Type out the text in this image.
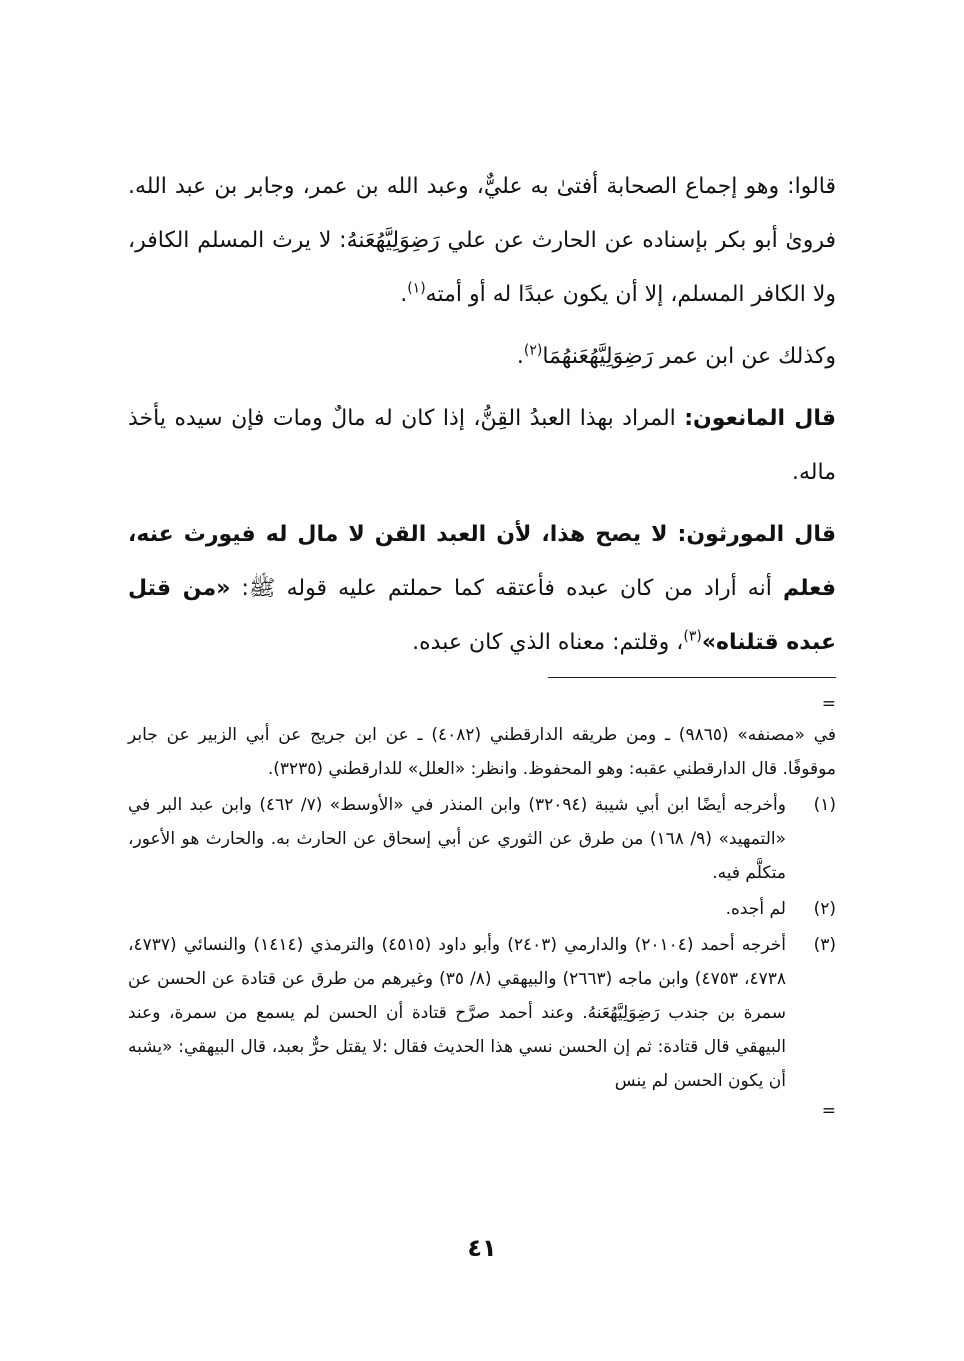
قالوا: وهو إجماع الصحابة أفتىٰ به عليٌّ، وعبد الله بن عمر، وجابر بن عبد الله. فروىٰ أبو بكر بإسناده عن الحارث عن علي رَضِوَلِيَّهُعَنهُ: لا يرث المسلم الكافر، ولا الكافر المسلم، إلا أن يكون عبدًا له أو أمته$^{(١)}$.

وكذلك عن ابن عمر رَضِوَلِيَّهُعَنهُمَا$^{(٢)}$.

قال المانعون: المراد بهذا العبدُ القِنُّ، إذا كان له مالٌ ومات فإن سيده يأخذ ماله.

قال المورثون: لا يصح هذا، لأن العبد القن لا مال له فيورث عنه، فعلم أنه أراد من كان عبده فأعتقه كما حملتم عليه قوله ﷺ: «من قتل عبده قتلناه»$^{(٣)}$، وقلتم: معناه الذي كان عبده.

=

في «مصنفه» (٩٨٦٥) ـ ومن طريقه الدارقطني (٤٠٨٢) ـ عن ابن جريج عن أبي الزبير عن جابر موقوفًا. قال الدارقطني عقبه: وهو المحفوظ. وانظر: «العلل» للدارقطني (٣٢٣٥).

(١)

وأخرجه أيضًا ابن أبي شيبة (٣٢٠٩٤) وابن المنذر في «الأوسط» (٧/ ٤٦٢) وابن عبد البر في «التمهيد» (٩/ ١٦٨) من طرق عن الثوري عن أبي إسحاق عن الحارث به. والحارث هو الأعور، متكلَّم فيه.

(٢)

لم أجده.

(٣)

أخرجه أحمد (٢٠١٠٤) والدارمي (٢٤٠٣) وأبو داود (٤٥١٥) والترمذي (١٤١٤) والنسائي (٤٧٣٧، ٤٧٣٨، ٤٧٥٣) وابن ماجه (٢٦٦٣) والبيهقي (٨/ ٣٥) وغيرهم من طرق عن قتادة عن الحسن عن سمرة بن جندب رَضِوَلِيَّهُعَنهُ. وعند أحمد صرَّح قتادة أن الحسن لم يسمع من سمرة، وعند البيهقي قال قتادة: ثم إن الحسن نسي هذا الحديث فقال :لا يقتل حرٌّ بعبد، قال البيهقي: «يشبه أن يكون الحسن لم ينس

=

٤١
